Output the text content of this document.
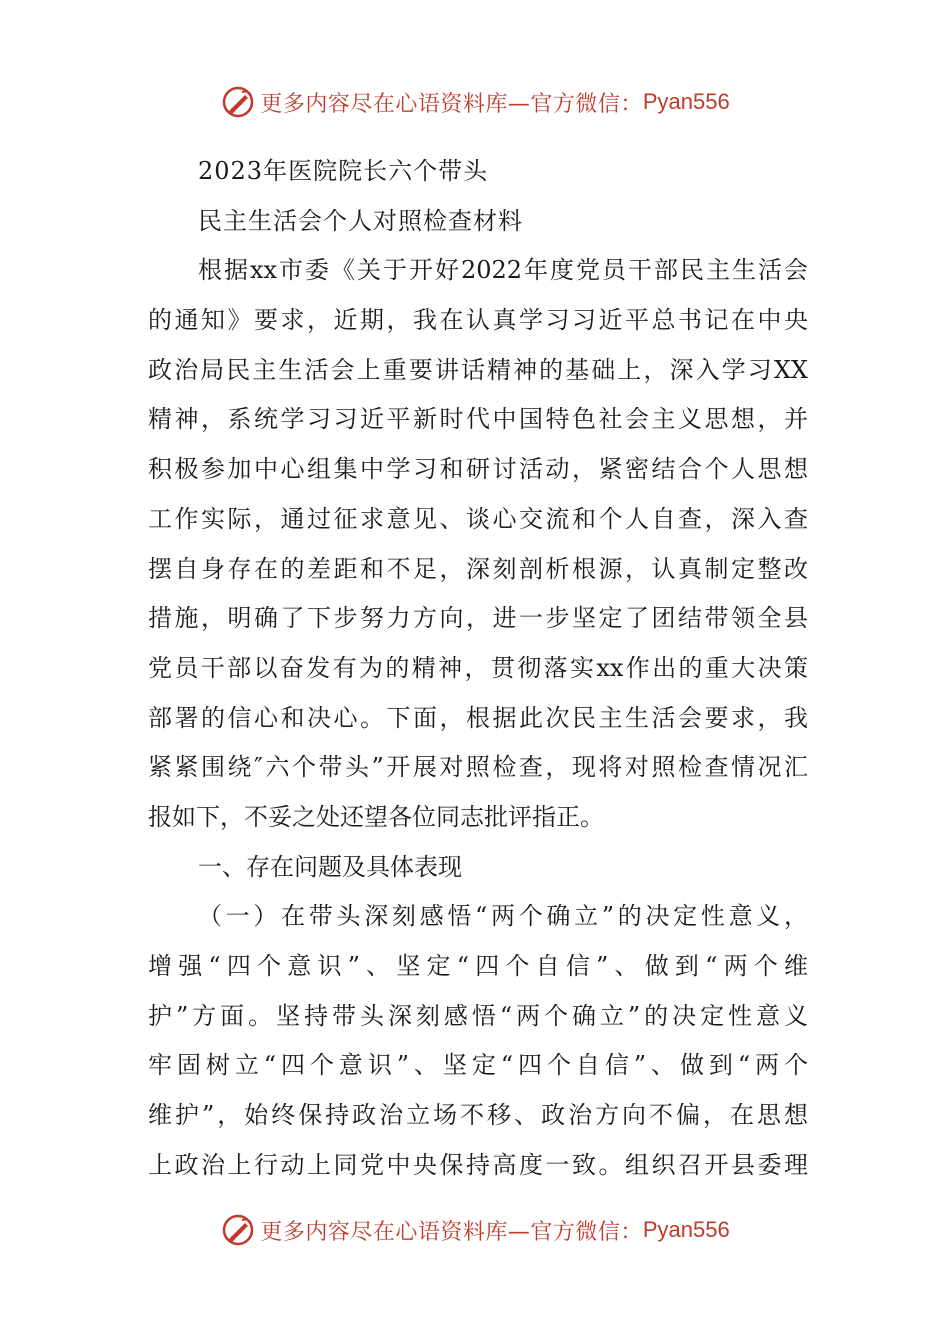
更多内容尽在心语资料库—官方微信： Pyan556
2023年医院院长六个带头
民主生活会个人对照检查材料
根据xx市委《关于开好2022年度党员干部民主生活会
的通知》要求，近期，我在认真学习习近平总书记在中央
政治局民主生活会上重要讲话精神的基础上，深入学习XX
精神，系统学习习近平新时代中国特色社会主义思想，并
积极参加中心组集中学习和研讨活动，紧密结合个人思想
工作实际，通过征求意见、谈心交流和个人自查，深入查
摆自身存在的差距和不足，深刻剖析根源，认真制定整改
措施，明确了下步努力方向，进一步坚定了团结带领全县
党员干部以奋发有为的精神，贯彻落实xx作出的重大决策
部署的信心和决心。下面，根据此次民主生活会要求，我
紧紧围绕″六个带头”开展对照检查，现将对照检查情况汇
报如下，不妥之处还望各位同志批评指正。
一、存在问题及具体表现
（一）在带头深刻感悟“两个确立”的决定性意义，
增强“四个意识”、坚定“四个自信”、做到“两个维
护”方面。坚持带头深刻感悟“两个确立”的决定性意义
牢固树立“四个意识”、坚定“四个自信”、做到“两个
维护”，始终保持政治立场不移、政治方向不偏，在思想
上政治上行动上同党中央保持高度一致。组织召开县委理
更多内容尽在心语资料库—官方微信： Pyan556
